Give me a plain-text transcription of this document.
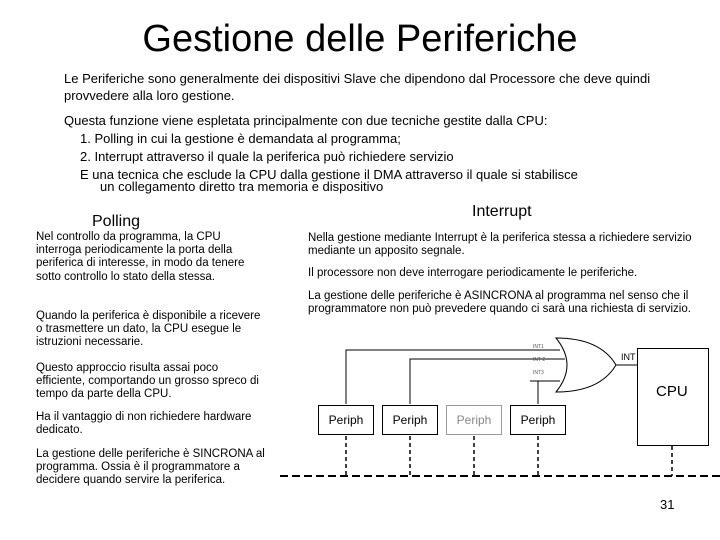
Gestione delle Periferiche
Le Periferiche sono generalmente dei dispositivi Slave che dipendono dal Processore che deve quindi provvedere alla loro gestione.
Questa funzione viene espletata principalmente con due tecniche gestite dalla CPU:
1. Polling in cui la gestione è demandata al programma;
2. Interrupt attraverso il quale la periferica può richiedere servizio
E una tecnica che esclude la CPU dalla gestione il DMA attraverso il quale si stabilisce
un collegamento diretto tra memoria e dispositivo
Polling
Interrupt
Nel controllo da programma, la CPU interroga periodicamente la porta della periferica di interesse, in modo da tenere sotto controllo lo stato della stessa.
Quando la periferica è disponibile a ricevere o trasmettere un dato, la CPU esegue le istruzioni necessarie.
Questo approccio risulta assai poco efficiente, comportando un grosso spreco di tempo da parte della CPU.
Ha il vantaggio di non richiedere hardware dedicato.
La gestione delle periferiche è SINCRONA al programma. Ossia è il programmatore a decidere quando servire la periferica.
Nella gestione mediante Interrupt è la periferica stessa a richiedere servizio mediante un apposito segnale.
Il processore non deve interrogare periodicamente le periferiche.
La gestione delle periferiche è ASINCRONA al programma nel senso che il programmatore non può prevedere quando ci sarà una richiesta di servizio.
INT1
INT 2
INT3
INT
Periph	Periph	Periph	Periph
CPU
31
